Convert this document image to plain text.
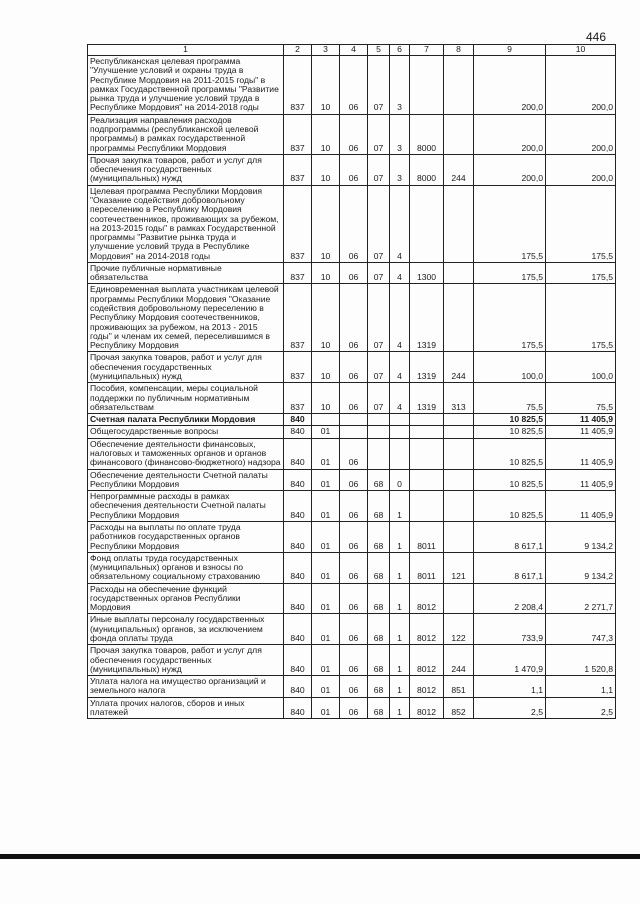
446
1	2	3	4	5	6	7	8	9	10
Республиканская целевая программа "Улучшение условий и охраны труда в Республике Мордовия на 2011-2015 годы" в рамках Государственной программы "Развитие рынка труда и улучшение условий труда в Республике Мордовия" на 2014-2018 годы	837	10	06	07	3			200,0	200,0
Реализация направления расходов подпрограммы (республиканской целевой программы) в рамках государственной программы Республики Мордовия	837	10	06	07	3	8000		200,0	200,0
Прочая закупка товаров, работ и услуг для обеспечения государственных (муниципальных) нужд	837	10	06	07	3	8000	244	200,0	200,0
Целевая программа Республики Мордовия "Оказание содействия добровольному переселению в Республику Мордовия соотечественников, проживающих за рубежом, на 2013-2015 годы" в рамках Государственной программы "Развитие рынка труда и улучшение условий труда в Республике Мордовия" на 2014-2018 годы	837	10	06	07	4			175,5	175,5
Прочие публичные нормативные обязательства	837	10	06	07	4	1300		175,5	175,5
Единовременная выплата участникам целевой программы Республики Мордовия "Оказание содействия добровольному переселению в Республику Мордовия соотечественников, проживающих за рубежом, на 2013 - 2015 годы" и членам их семей, переселившимся в Республику Мордовия	837	10	06	07	4	1319		175,5	175,5
Прочая закупка товаров, работ и услуг для обеспечения государственных (муниципальных) нужд	837	10	06	07	4	1319	244	100,0	100,0
Пособия, компенсации, меры социальной поддержки по публичным нормативным обязательствам	837	10	06	07	4	1319	313	75,5	75,5
Счетная палата Республики Мордовия	840							10 825,5	11 405,9
Общегосударственные вопросы	840	01						10 825,5	11 405,9
Обеспечение деятельности финансовых, налоговых и таможенных органов и органов финансового (финансово-бюджетного) надзора	840	01	06					10 825,5	11 405,9
Обеспечение деятельности Счетной палаты Республики Мордовия	840	01	06	68	0			10 825,5	11 405,9
Непрограммные расходы в рамках обеспечения деятельности Счетной палаты Республики Мордовия	840	01	06	68	1			10 825,5	11 405,9
Расходы на выплаты по оплате труда работников государственных органов Республики Мордовия	840	01	06	68	1	8011		8 617,1	9 134,2
Фонд оплаты труда государственных (муниципальных) органов и взносы по обязательному социальному страхованию	840	01	06	68	1	8011	121	8 617,1	9 134,2
Расходы на обеспечение функций государственных органов Республики Мордовия	840	01	06	68	1	8012		2 208,4	2 271,7
Иные выплаты персоналу государственных (муниципальных) органов, за исключением фонда оплаты труда	840	01	06	68	1	8012	122	733,9	747,3
Прочая закупка товаров, работ и услуг для обеспечения государственных (муниципальных) нужд	840	01	06	68	1	8012	244	1 470,9	1 520,8
Уплата налога на имущество организаций и земельного налога	840	01	06	68	1	8012	851	1,1	1,1
Уплата прочих налогов, сборов и иных платежей	840	01	06	68	1	8012	852	2,5	2,5
